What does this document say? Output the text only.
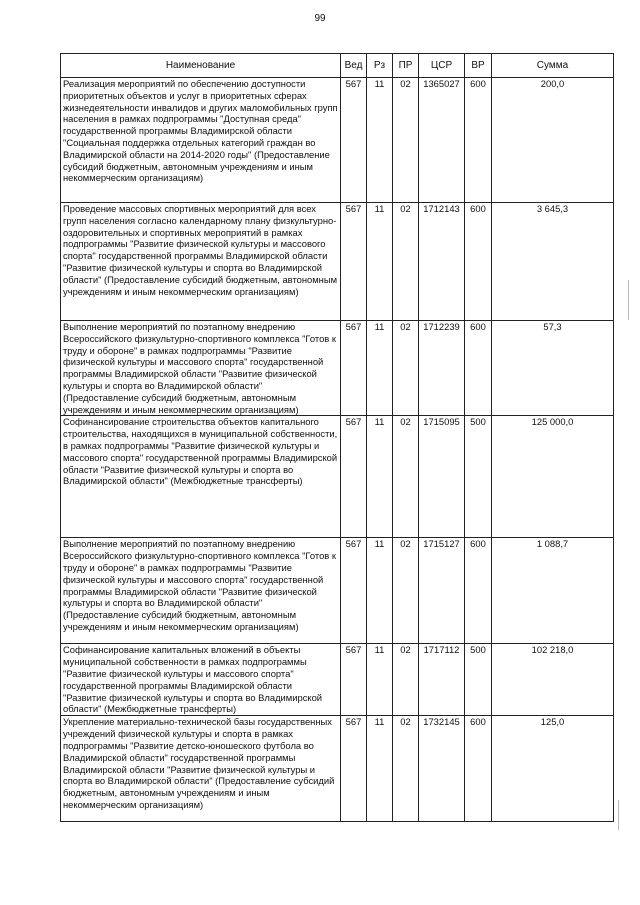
99
Наименование	Вед	Рз	ПР	ЦСР	ВР	Сумма
Реализация мероприятий по обеспечению доступности приоритетных объектов и услуг в приоритетных сферах жизнедеятельности инвалидов и других маломобильных групп населения в рамках подпрограммы "Доступная среда" государственной программы Владимирской области "Социальная поддержка отдельных категорий граждан во Владимирской области на 2014-2020 годы" (Предоставление субсидий бюджетным, автономным учреждениям и иным некоммерческим организациям)	567	11	02	1365027	600	200,0
Проведение массовых спортивных мероприятий для всех групп населения согласно календарному плану физкультурно-оздоровительных и спортивных мероприятий в рамках подпрограммы "Развитие физической культуры и массового спорта" государственной программы Владимирской области "Развитие физической культуры и спорта во Владимирской области" (Предоставление субсидий бюджетным, автономным учреждениям и иным некоммерческим организациям)	567	11	02	1712143	600	3 645,3
Выполнение мероприятий по поэтапному внедрению Всероссийского физкультурно-спортивного комплекса "Готов к труду и обороне" в рамках подпрограммы "Развитие физической культуры и массового спорта" государственной программы Владимирской области "Развитие физической культуры и спорта во Владимирской области" (Предоставление субсидий бюджетным, автономным учреждениям и иным некоммерческим организациям)	567	11	02	1712239	600	57,3
Софинансирование строительства объектов капитального строительства, находящихся в муниципальной собственности, в рамках подпрограммы "Развитие физической культуры и массового спорта" государственной программы Владимирской области "Развитие физической культуры и спорта во Владимирской области" (Межбюджетные трансферты)	567	11	02	1715095	500	125 000,0
Выполнение мероприятий по поэтапному внедрению Всероссийского физкультурно-спортивного комплекса "Готов к труду и обороне" в рамках подпрограммы "Развитие физической культуры и массового спорта" государственной программы Владимирской области "Развитие физической культуры и спорта во Владимирской области" (Предоставление субсидий бюджетным, автономным учреждениям и иным некоммерческим организациям)	567	11	02	1715127	600	1 088,7
Софинансирование капитальных вложений в объекты муниципальной собственности в рамках подпрограммы "Развитие физической культуры и массового спорта" государственной программы Владимирской области "Развитие физической культуры и спорта во Владимирской области" (Межбюджетные трансферты)	567	11	02	1717112	500	102 218,0
Укрепление материально-технической базы государственных учреждений физической культуры и спорта в рамках подпрограммы "Развитие детско-юношеского футбола во Владимирской области" государственной программы Владимирской области "Развитие физической культуры и спорта во Владимирской области" (Предоставление субсидий бюджетным, автономным учреждениям и иным некоммерческим организациям)	567	11	02	1732145	600	125,0
